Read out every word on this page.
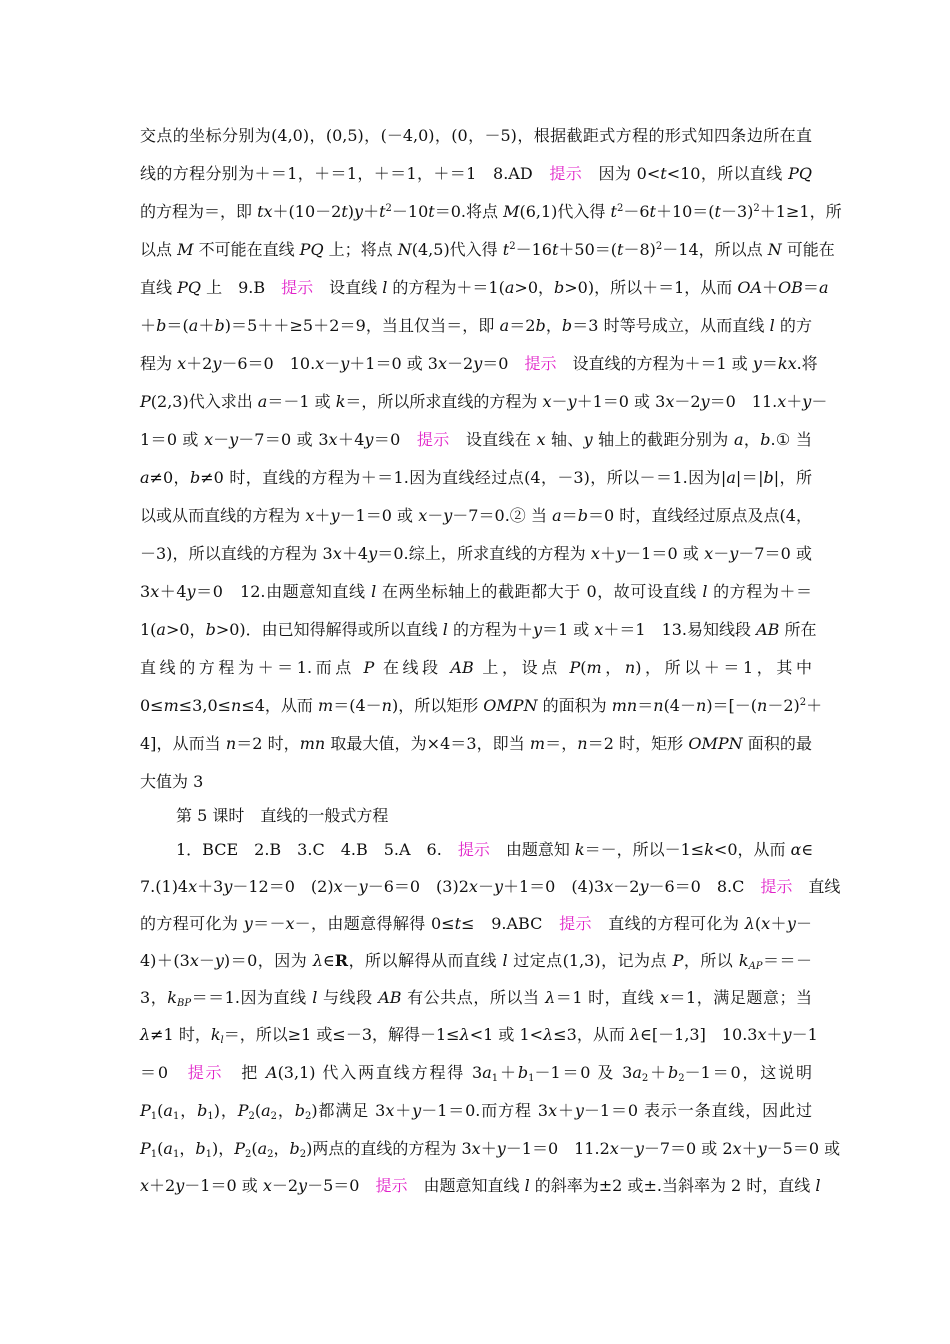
交点的坐标分别为(4,0)，(0,5)，(－4,0)，(0，－5)，根据截距式方程的形式知四条边所在直
线的方程分别为＋＝1，＋＝1，＋＝1，＋＝1　8.AD　提示　因为 0<t<10，所以直线 PQ
的方程为＝，即 $tx+(10-2t)y+t^2-10t=0$.将点 M(6,1)代入得 $t^2-6t+10=(t-3)^2+1\ge 1$，所
以点 M 不可能在直线 PQ 上；将点 N(4,5)代入得 $t^2-16t+50=(t-8)^2-14$，所以点 N 可能在
直线 PQ 上　9.B　提示　设直线 l 的方程为＋＝1(a>0，b>0)，所以＋＝1，从而 OA＋OB＝a
＋b＝(a＋b)＝5＋＋≥5＋2＝9，当且仅当＝，即 a＝2b，b＝3 时等号成立，从而直线 l 的方
程为 x＋2y－6＝0　10.x－y＋1＝0 或 3x－2y＝0　提示　设直线的方程为＋＝1 或 y＝kx.将
P(2,3)代入求出 a＝－1 或 k＝，所以所求直线的方程为 x－y＋1＝0 或 3x－2y＝0　11.x＋y－
1＝0 或 x－y－7＝0 或 3x＋4y＝0　提示　设直线在 x 轴、y 轴上的截距分别为 a，b.① 当
a≠0，b≠0 时，直线的方程为＋＝1.因为直线经过点(4，－3)，所以－＝1.因为|a|＝|b|，所
以或从而直线的方程为 x＋y－1＝0 或 x－y－7＝0.② 当 a＝b＝0 时，直线经过原点及点(4，
－3)，所以直线的方程为 3x＋4y＝0.综上，所求直线的方程为 x＋y－1＝0 或 x－y－7＝0 或
3x＋4y＝0　12.由题意知直线 l 在两坐标轴上的截距都大于 0，故可设直线 l 的方程为＋＝
1(a>0，b>0)．由已知得解得或所以直线 l 的方程为＋y＝1 或 x＋＝1　13.易知线段 AB 所在
直线的方程为＋＝1.而点 P 在线段 AB 上，设点 P(m，n)，所以＋＝1，其中
0≤m≤3,0≤n≤4，从而 m＝(4－n)，所以矩形 OMPN 的面积为 $mn=n(4-n)=[-(n-2)^2+$
4]，从而当 n＝2 时，mn 取最大值，为×4＝3，即当 m＝，n＝2 时，矩形 OMPN 面积的最
大值为 3
第 5 课时　直线的一般式方程
1．BCE　2.B　3.C　4.B　5.A　6.　提示　由题意知 k＝－，所以－1≤k<0，从而 α∈
7.(1)4x＋3y－12＝0　(2)x－y－6＝0　(3)2x－y＋1＝0　(4)3x－2y－6＝0　8.C　提示　直线
的方程可化为 y＝－x－，由题意得解得 0≤t≤　9.ABC　提示　直线的方程可化为 λ(x＋y－
4)＋(3x－y)＝0，因为 λ∈R，所以解得从而直线 l 过定点(1,3)，记为点 P，所以 $k_{AP}==-$
3，$k_{BP}==1$.因为直线 l 与线段 AB 有公共点，所以当 λ＝1 时，直线 x＝1，满足题意；当
λ≠1 时，$k_l=$，所以≥1 或≤－3，解得－1≤λ<1 或 1<λ≤3，从而 λ∈[－1,3]　10.3x＋y－1
＝0　提示　把 A(3,1) 代入两直线方程得 $3a_1+b_1-1=0$ 及 $3a_2+b_2-1=0$，这说明
$P_1(a_1$，$b_1$)，$P_2(a_2$，$b_2$)都满足 3x＋y－1＝0.而方程 3x＋y－1＝0 表示一条直线，因此过
$P_1(a_1$，$b_1$)，$P_2(a_2$，$b_2$)两点的直线的方程为 3x＋y－1＝0　11.2x－y－7＝0 或 2x＋y－5＝0 或
x＋2y－1＝0 或 x－2y－5＝0　提示　由题意知直线 l 的斜率为±2 或±.当斜率为 2 时，直线 l
